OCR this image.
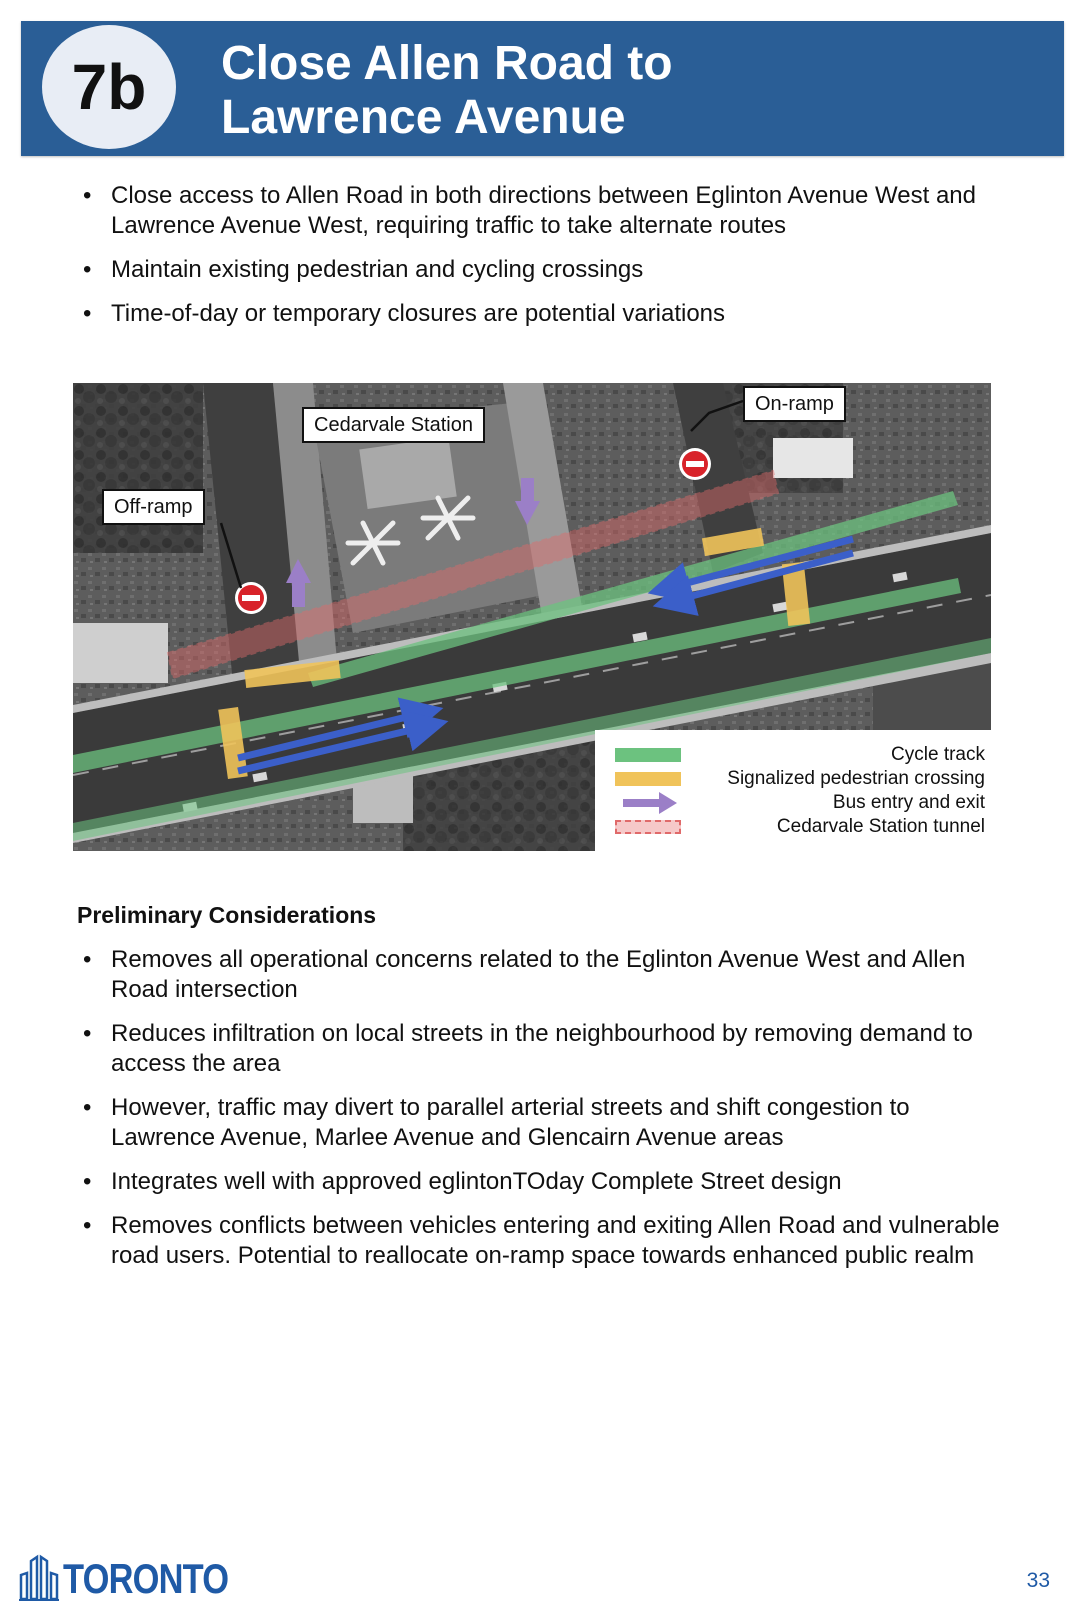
7b	Close Allen Road to
Lawrence Avenue
• Close access to Allen Road in both directions between Eglinton Avenue West and Lawrence Avenue West, requiring traffic to take alternate routes
• Maintain existing pedestrian and cycling crossings
• Time-of-day or temporary closures are potential variations
Cedarvale Station
On-ramp
Off-ramp
Cycle track
Signalized pedestrian crossing
Bus entry and exit
Cedarvale Station tunnel
Preliminary Considerations
• Removes all operational concerns related to the Eglinton Avenue West and Allen Road intersection
• Reduces infiltration on local streets in the neighbourhood by removing demand to access the area
• However, traffic may divert to parallel arterial streets and shift congestion to Lawrence Avenue, Marlee Avenue and Glencairn Avenue areas
• Integrates well with approved eglintonTOday Complete Street design
• Removes conflicts between vehicles entering and exiting Allen Road and vulnerable road users. Potential to reallocate on-ramp space towards enhanced public realm
TORONTO	33
